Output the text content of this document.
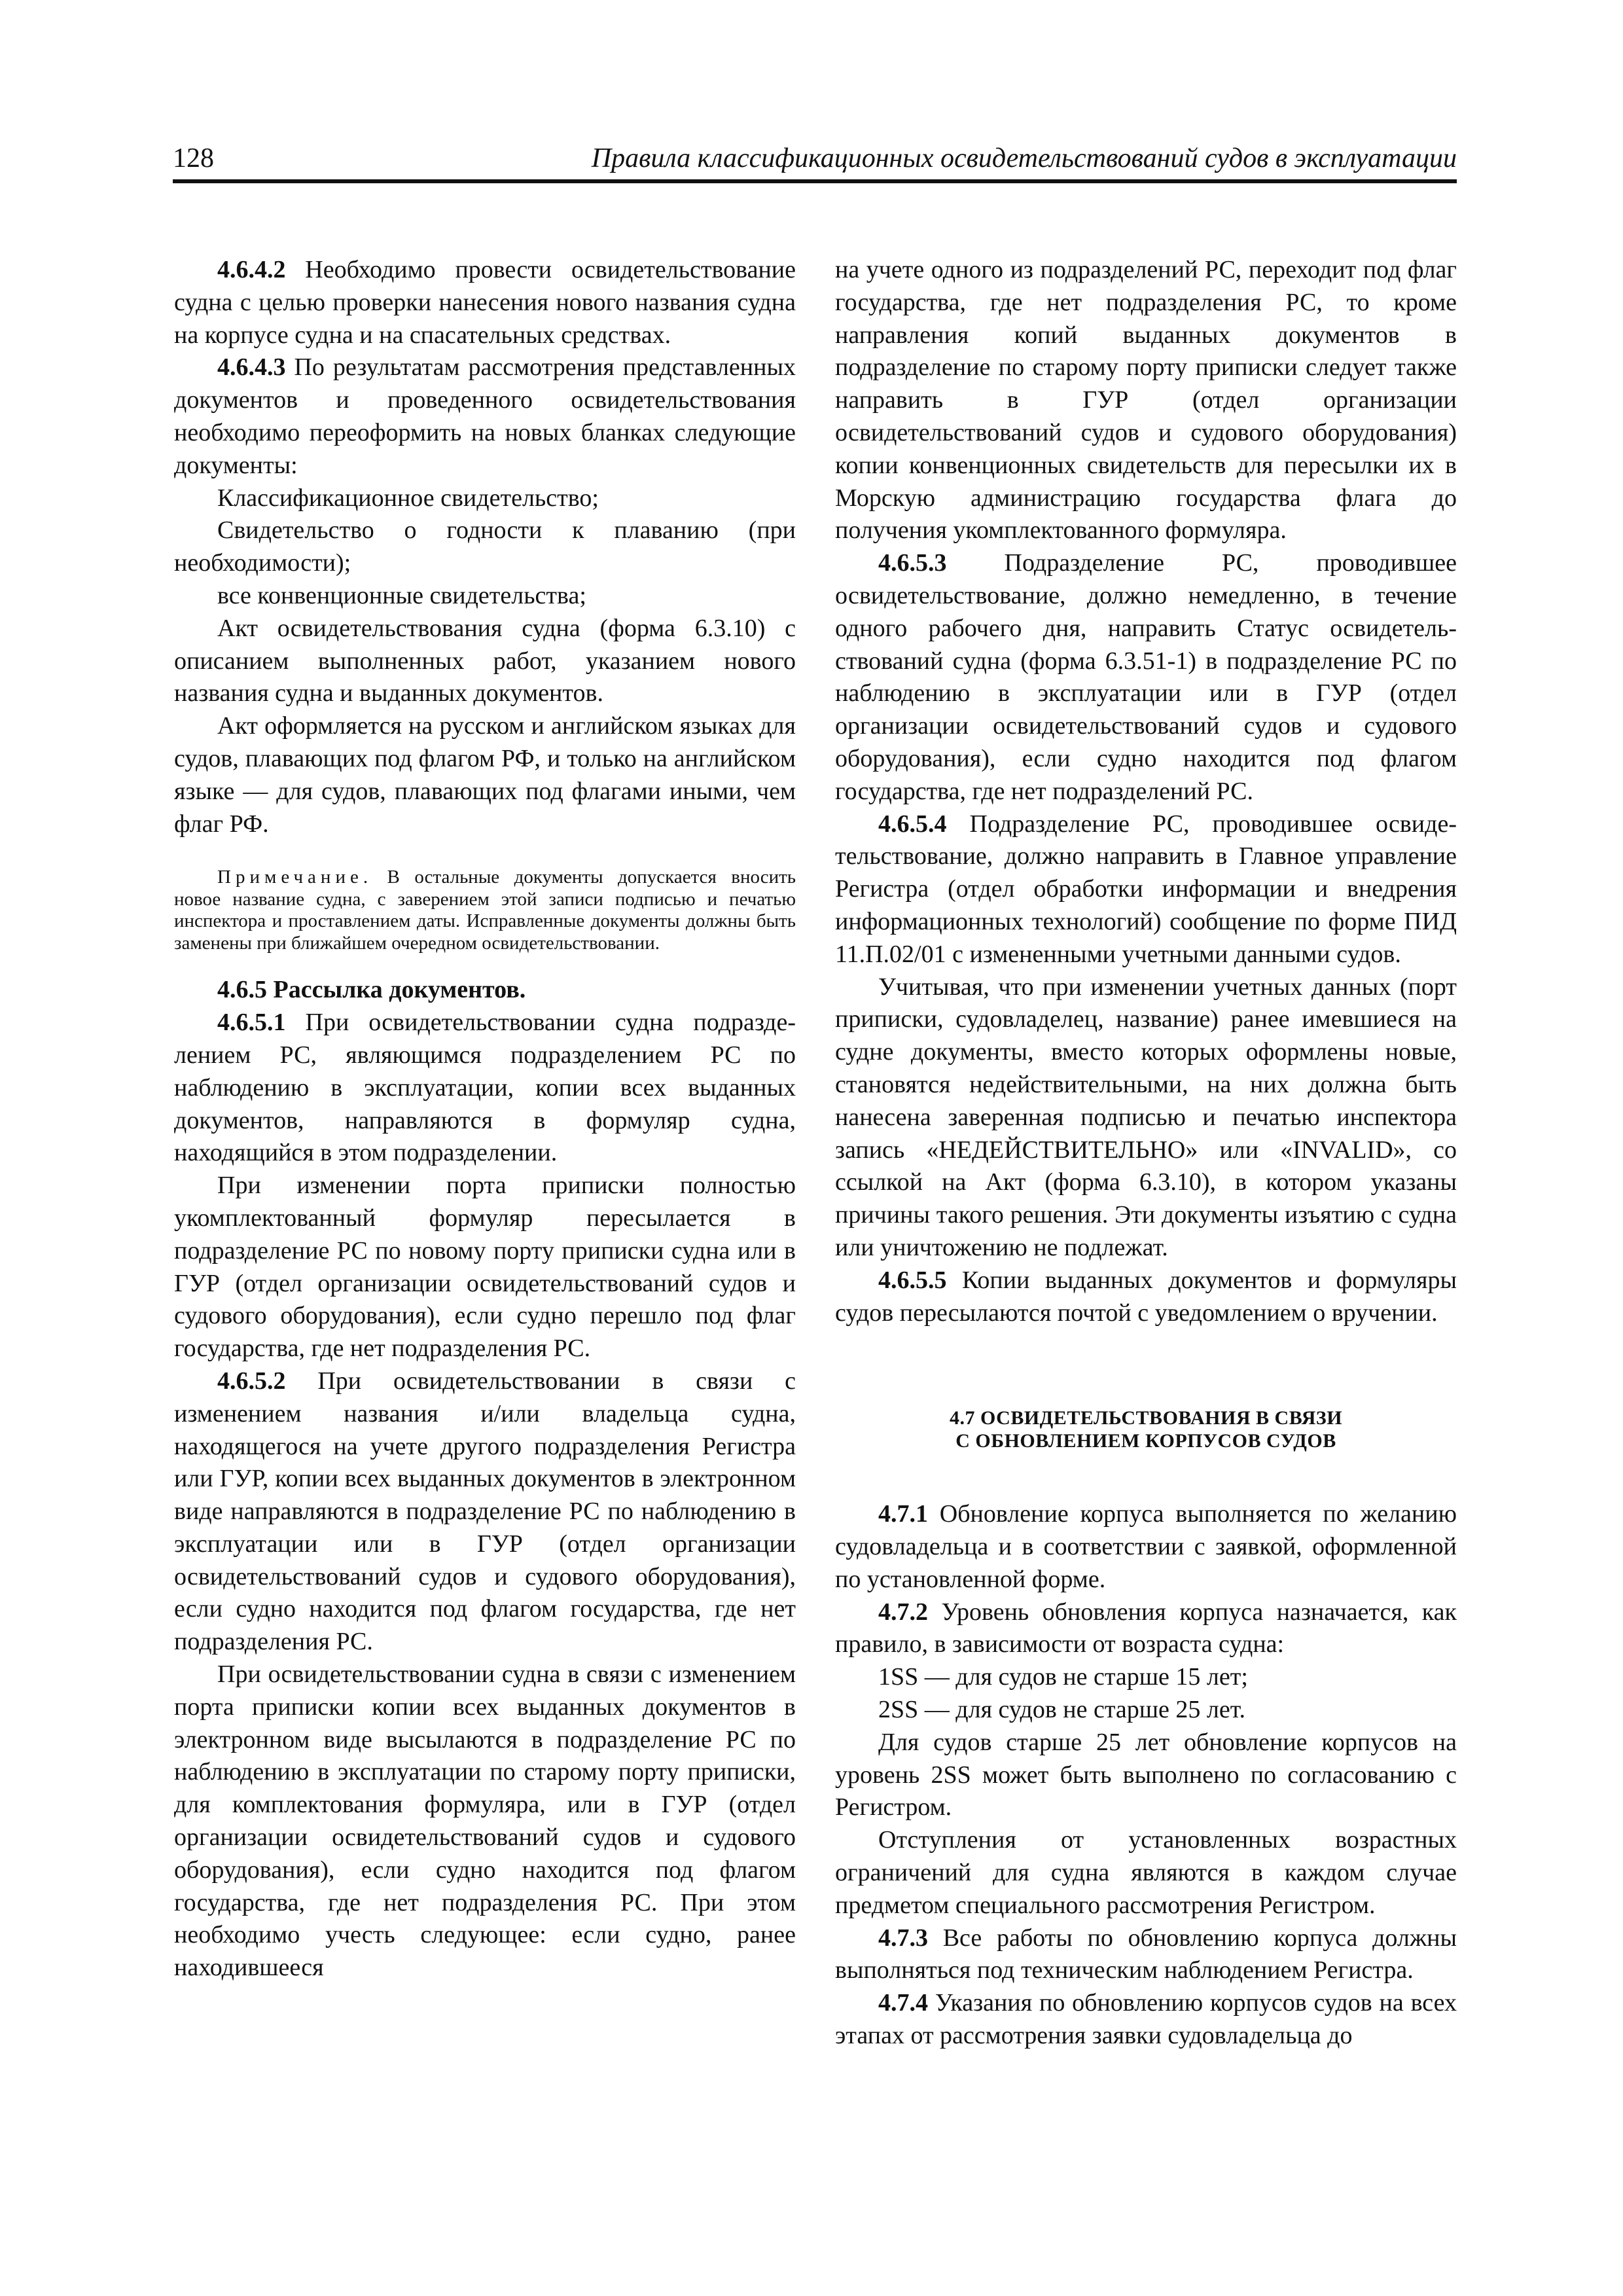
128	Правила классификационных освидетельствований судов в эксплуатации

4.6.4.2 Необходимо провести освидетельствование судна с целью проверки нанесения нового названия судна на корпусе судна и на спасательных средствах.

4.6.4.3 По результатам рассмотрения представленных документов и проведенного освидетельствования необходимо переоформить на новых бланках следующие документы:

Классификационное свидетельство;

Свидетельство о годности к плаванию (при необходимости);

все конвенционные свидетельства;

Акт освидетельствования судна (форма 6.3.10) с описанием выполненных работ, указанием нового названия судна и выданных документов.

Акт оформляется на русском и английском языках для судов, плавающих под флагом РФ, и только на английском языке — для судов, плавающих под флагами иными, чем флаг РФ.

Примечание. В остальные документы допускается вносить новое название судна, с заверением этой записи подписью и печатью инспектора и проставлением даты. Исправленные документы должны быть заменены при ближайшем очередном освидетельствовании.

4.6.5 Рассылка документов.

4.6.5.1 При освидетельствовании судна подразделением РС, являющимся подразделением РС по наблюдению в эксплуатации, копии всех выданных документов, направляются в формуляр судна, находящийся в этом подразделении.

При изменении порта приписки полностью укомплектованный формуляр пересылается в подразделение РС по новому порту приписки судна или в ГУР (отдел организации освидетельствований судов и судового оборудования), если судно перешло под флаг государства, где нет подразделения РС.

4.6.5.2 При освидетельствовании в связи с изменением названия и/или владельца судна, находящегося на учете другого подразделения Регистра или ГУР, копии всех выданных документов в электронном виде направляются в подразделение РС по наблюдению в эксплуатации или в ГУР (отдел организации освидетельствований судов и судового оборудования), если судно находится под флагом государства, где нет подразделения РС.

При освидетельствовании судна в связи с изменением порта приписки копии всех выданных документов в электронном виде высылаются в подразделение РС по наблюдению в эксплуатации по старому порту приписки, для комплектования формуляра, или в ГУР (отдел организации освидетельствований судов и судового оборудования), если судно находится под флагом государства, где нет подразделения РС. При этом необходимо учесть следующее: если судно, ранее находившееся

на учете одного из подразделений РС, переходит под флаг государства, где нет подразделения РС, то кроме направления копий выданных документов в подразделение по старому порту приписки следует также направить в ГУР (отдел организации освидетельствований судов и судового оборудования) копии конвенционных свидетельств для пересылки их в Морскую администрацию государства флага до получения укомплектованного формуляра.

4.6.5.3 Подразделение РС, проводившее освидетельствование, должно немедленно, в течение одного рабочего дня, направить Статус освидетельствований судна (форма 6.3.51-1) в подразделение РС по наблюдению в эксплуатации или в ГУР (отдел организации освидетельствований судов и судового оборудования), если судно находится под флагом государства, где нет подразделений РС.

4.6.5.4 Подразделение РС, проводившее освидетельствование, должно направить в Главное управление Регистра (отдел обработки информации и внедрения информационных технологий) сообщение по форме ПИД 11.П.02/01 с измененными учетными данными судов.

Учитывая, что при изменении учетных данных (порт приписки, судовладелец, название) ранее имевшиеся на судне документы, вместо которых оформлены новые, становятся недействительными, на них должна быть нанесена заверенная подписью и печатью инспектора запись «НЕДЕЙСТВИТЕЛЬНО» или «INVALID», со ссылкой на Акт (форма 6.3.10), в котором указаны причины такого решения. Эти документы изъятию с судна или уничтожению не подлежат.

4.6.5.5 Копии выданных документов и формуляры судов пересылаются почтой с уведомлением о вручении.

4.7 ОСВИДЕТЕЛЬСТВОВАНИЯ В СВЯЗИ
С ОБНОВЛЕНИЕМ КОРПУСОВ СУДОВ

4.7.1 Обновление корпуса выполняется по желанию судовладельца и в соответствии с заявкой, оформленной по установленной форме.

4.7.2 Уровень обновления корпуса назначается, как правило, в зависимости от возраста судна:

1SS — для судов не старше 15 лет;

2SS — для судов не старше 25 лет.

Для судов старше 25 лет обновление корпусов на уровень 2SS может быть выполнено по согласованию с Регистром.

Отступления от установленных возрастных ограничений для судна являются в каждом случае предметом специального рассмотрения Регистром.

4.7.3 Все работы по обновлению корпуса должны выполняться под техническим наблюдением Регистра.

4.7.4 Указания по обновлению корпусов судов на всех этапах от рассмотрения заявки судовладельца до
